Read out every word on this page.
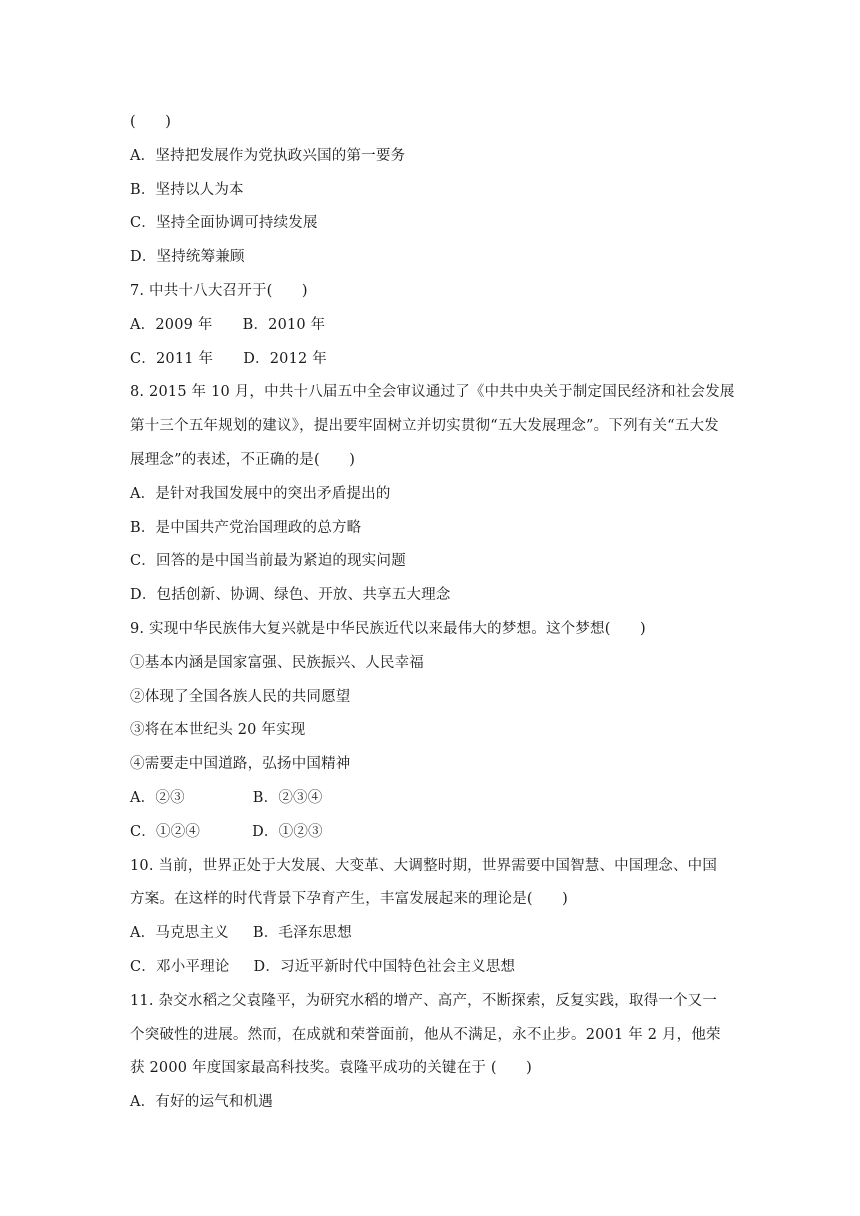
(　　)
A．坚持把发展作为党执政兴国的第一要务
B．坚持以人为本
C．坚持全面协调可持续发展
D．坚持统筹兼顾
7. 中共十八大召开于(　　)
A．2009 年 B．2010 年
C．2011 年 D．2012 年
8. 2015 年 10 月，中共十八届五中全会审议通过了《中共中央关于制定国民经济和社会发展
第十三个五年规划的建议》，提出要牢固树立并切实贯彻“五大发展理念”。下列有关“五大发
展理念”的表述，不正确的是(　　)
A．是针对我国发展中的突出矛盾提出的
B．是中国共产党治国理政的总方略
C．回答的是中国当前最为紧迫的现实问题
D．包括创新、协调、绿色、开放、共享五大理念
9. 实现中华民族伟大复兴就是中华民族近代以来最伟大的梦想。这个梦想(　　)
①基本内涵是国家富强、民族振兴、人民幸福
②体现了全国各族人民的共同愿望
③将在本世纪头 20 年实现
④需要走中国道路，弘扬中国精神
A．②③	B．②③④
C．①②④	D．①②③
10. 当前，世界正处于大发展、大变革、大调整时期，世界需要中国智慧、中国理念、中国
方案。在这样的时代背景下孕育产生，丰富发展起来的理论是(　　)
A．马克思主义 B．毛泽东思想
C．邓小平理论 D．习近平新时代中国特色社会主义思想
11. 杂交水稻之父袁隆平，为研究水稻的增产、高产，不断探索，反复实践，取得一个又一
个突破性的进展。然而，在成就和荣誉面前，他从不满足，永不止步。2001 年 2 月，他荣
获 2000 年度国家最高科技奖。袁隆平成功的关键在于 (　　)
A．有好的运气和机遇
